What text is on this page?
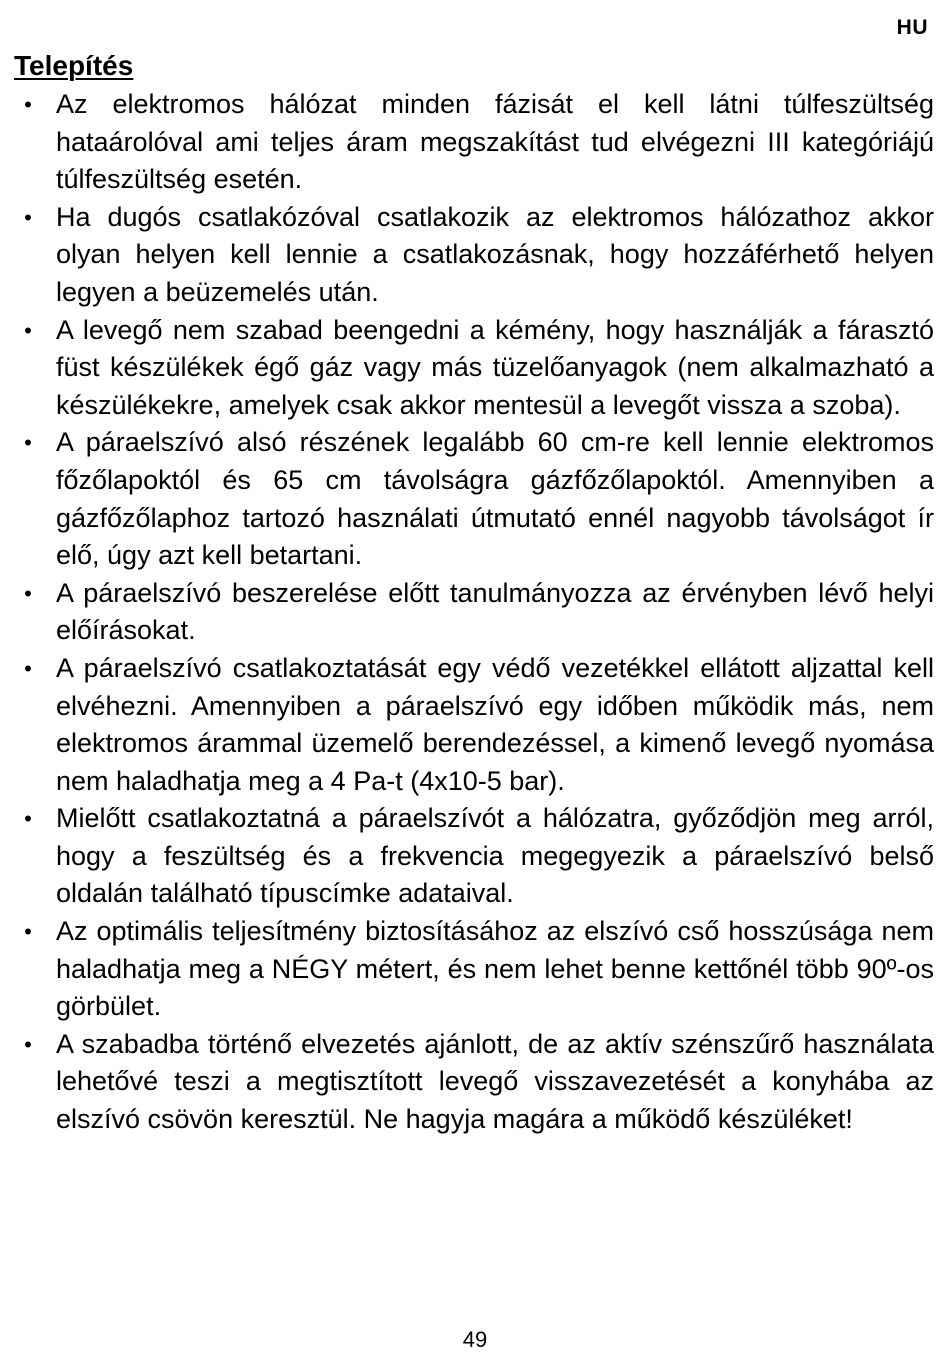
HU
Telepítés
• Az elektromos hálózat minden fázisát el kell látni túlfeszültség hataárolóval ami teljes áram megszakítást tud elvégezni III kategóriájú túlfeszültség esetén.
• Ha dugós csatlakózóval csatlakozik az elektromos hálózathoz akkor olyan helyen kell lennie a csatlakozásnak, hogy hozzáférhető helyen legyen a beüzemelés után.
• A levegő nem szabad beengedni a kémény, hogy használják a fárasztó füst készülékek égő gáz vagy más tüzelőanyagok (nem alkalmazható a készülékekre, amelyek csak akkor mentesül a levegőt vissza a szoba).
• A páraelszívó alsó részének legalább 60 cm-re kell lennie elektromos főzőlapoktól és 65 cm távolságra gázfőzőlapoktól. Amennyiben a gázfőzőlaphoz tartozó használati útmutató ennél nagyobb távolságot ír elő, úgy azt kell betartani.
• A páraelszívó beszerelése előtt tanulmányozza az érvényben lévő helyi előírásokat.
• A páraelszívó csatlakoztatását egy védő vezetékkel ellátott aljzattal kell elvéhezni. Amennyiben a páraelszívó egy időben működik más, nem elektromos árammal üzemelő berendezéssel, a kimenő levegő nyomása nem haladhatja meg a 4 Pa-t (4x10-5 bar).
• Mielőtt csatlakoztatná a páraelszívót a hálózatra, győződjön meg arról, hogy a feszültség és a frekvencia megegyezik a páraelszívó belső oldalán található típuscímke adataival.
• Az optimális teljesítmény biztosításához az elszívó cső hosszúsága nem haladhatja meg a NÉGY métert, és nem lehet benne kettőnél több 90º-os görbület.
• A szabadba történő elvezetés ajánlott, de az aktív szénszűrő használata lehetővé teszi a megtisztított levegő visszavezetését a konyhába az elszívó csövön keresztül. Ne hagyja magára a működő készüléket!
49
